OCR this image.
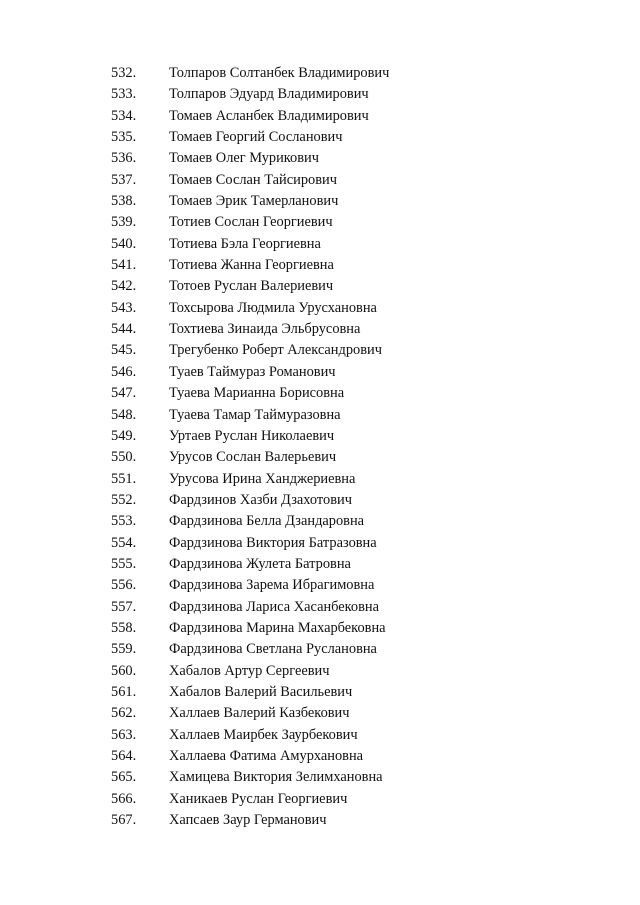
532. Толпаров Солтанбек Владимирович
533. Толпаров Эдуард Владимирович
534. Томаев Асланбек Владимирович
535. Томаев Георгий Сосланович
536. Томаев Олег Мурикович
537. Томаев Сослан Тайсирович
538. Томаев Эрик Тамерланович
539. Тотиев Сослан Георгиевич
540. Тотиева Бэла Георгиевна
541. Тотиева Жанна Георгиевна
542. Тотоев Руслан Валериевич
543. Тохсырова Людмила Урусхановна
544. Тохтиева Зинаида Эльбрусовна
545. Трегубенко Роберт Александрович
546. Туаев Таймураз Романович
547. Туаева Марианна Борисовна
548. Туаева Тамар Таймуразовна
549. Уртаев Руслан Николаевич
550. Урусов Сослан Валерьевич
551. Урусова Ирина Ханджериевна
552. Фардзинов Хазби Дзахотович
553. Фардзинова Белла Дзандаровна
554. Фардзинова Виктория Батразовна
555. Фардзинова Жулета Батровна
556. Фардзинова Зарема Ибрагимовна
557. Фардзинова Лариса Хасанбековна
558. Фардзинова Марина Махарбековна
559. Фардзинова Светлана Руслановна
560. Хабалов Артур Сергеевич
561. Хабалов Валерий Васильевич
562. Халлаев Валерий Казбекович
563. Халлаев Маирбек Заурбекович
564. Халлаева Фатима Амурхановна
565. Хамицева Виктория Зелимхановна
566. Ханикаев Руслан Георгиевич
567. Хапсаев Заур Германович
